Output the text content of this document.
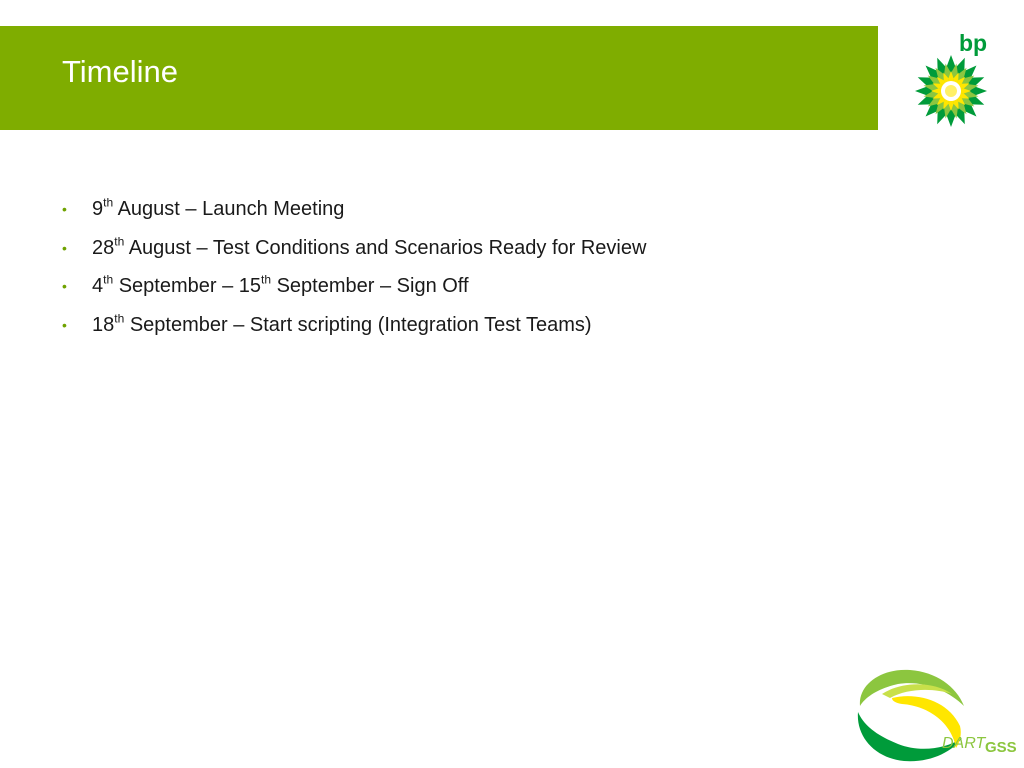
Timeline
bp
• 9th August – Launch Meeting
• 28th August – Test Conditions and Scenarios Ready for Review
• 4th September – 15th September – Sign Off
• 18th September – Start scripting (Integration Test Teams)
DART GSS
